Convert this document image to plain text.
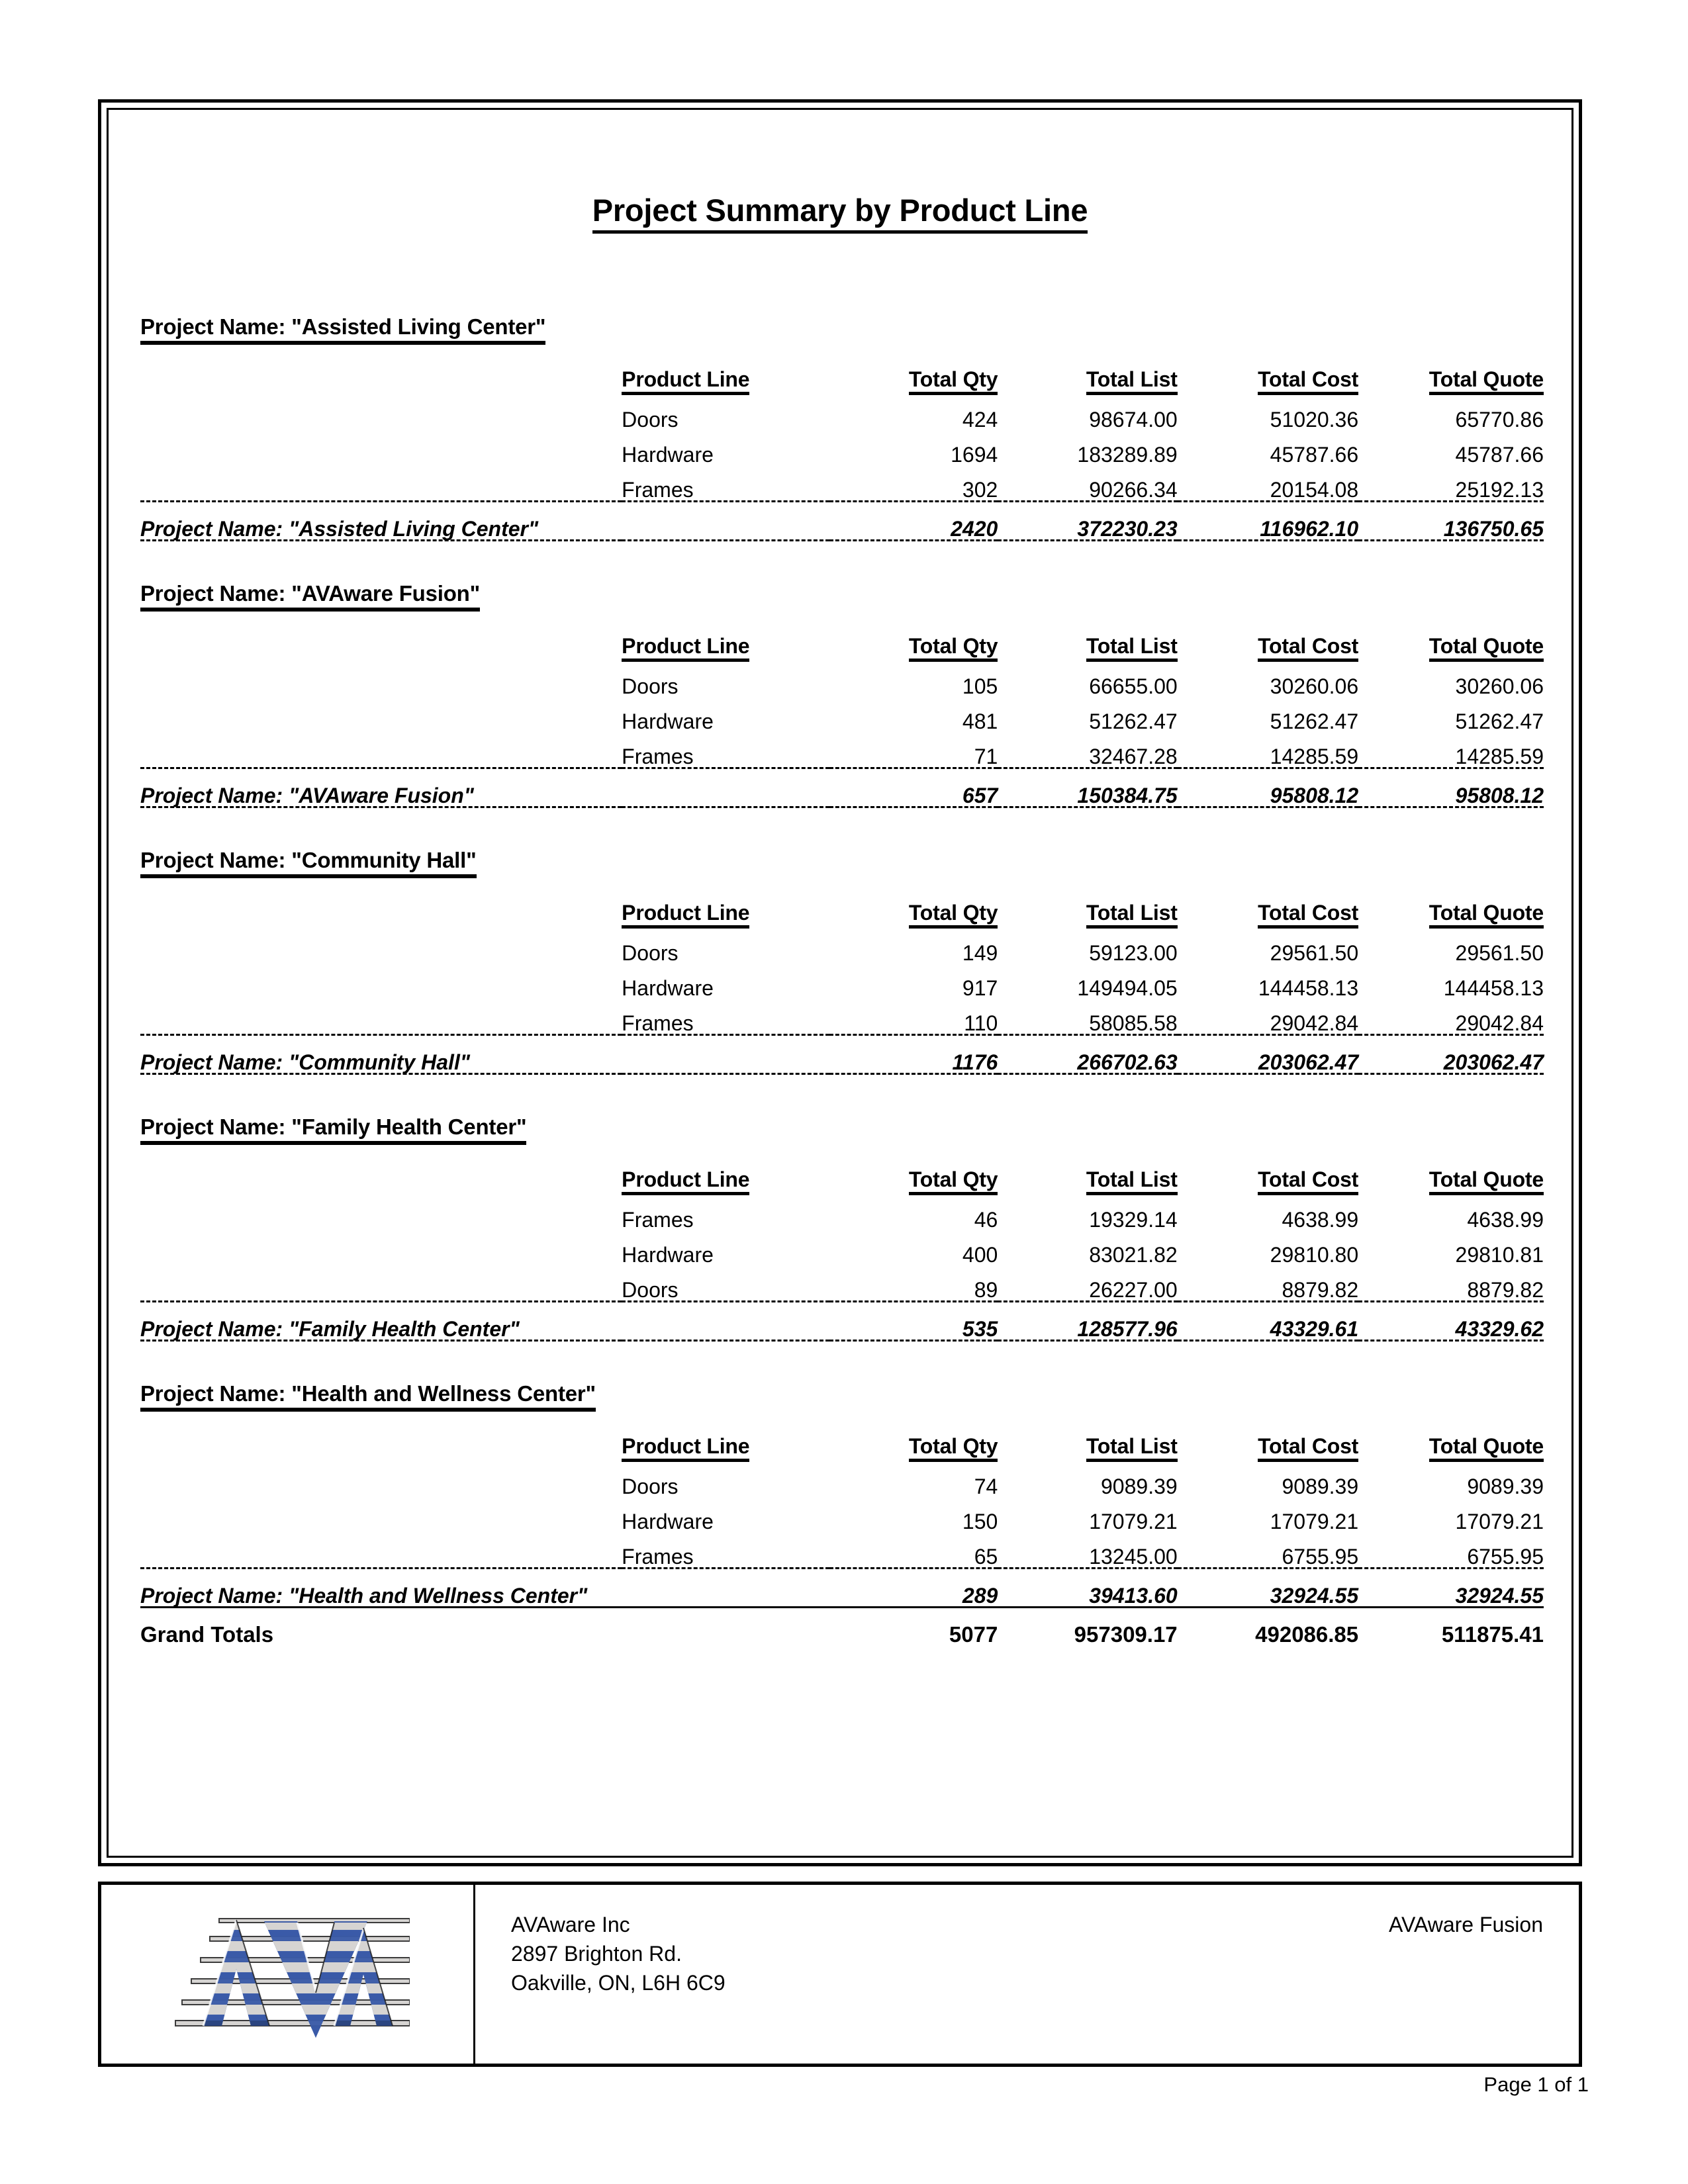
Project Summary by Product Line
Project Name: "Assisted Living Center"
	Product Line	Total Qty	Total List	Total Cost	Total Quote
	Doors	424	98674.00	51020.36	65770.86
	Hardware	1694	183289.89	45787.66	45787.66
	Frames	302	90266.34	20154.08	25192.13

Project Name: "Assisted Living Center"		2420	372230.23	116962.10	136750.65

Project Name: "AVAware Fusion"
	Product Line	Total Qty	Total List	Total Cost	Total Quote
	Doors	105	66655.00	30260.06	30260.06
	Hardware	481	51262.47	51262.47	51262.47
	Frames	71	32467.28	14285.59	14285.59

Project Name: "AVAware Fusion"		657	150384.75	95808.12	95808.12

Project Name: "Community Hall"
	Product Line	Total Qty	Total List	Total Cost	Total Quote
	Doors	149	59123.00	29561.50	29561.50
	Hardware	917	149494.05	144458.13	144458.13
	Frames	110	58085.58	29042.84	29042.84

Project Name: "Community Hall"		1176	266702.63	203062.47	203062.47

Project Name: "Family Health Center"
	Product Line	Total Qty	Total List	Total Cost	Total Quote
	Frames	46	19329.14	4638.99	4638.99
	Hardware	400	83021.82	29810.80	29810.81
	Doors	89	26227.00	8879.82	8879.82

Project Name: "Family Health Center"		535	128577.96	43329.61	43329.62

Project Name: "Health and Wellness Center"
	Product Line	Total Qty	Total List	Total Cost	Total Quote
	Doors	74	9089.39	9089.39	9089.39
	Hardware	150	17079.21	17079.21	17079.21
	Frames	65	13245.00	6755.95	6755.95

Project Name: "Health and Wellness Center"		289	39413.60	32924.55	32924.55

Grand Totals		5077	957309.17	492086.85	511875.41
AVAware Inc
2897 Brighton Rd.
Oakville, ON, L6H 6C9
AVAware Fusion
Page 1 of 1
